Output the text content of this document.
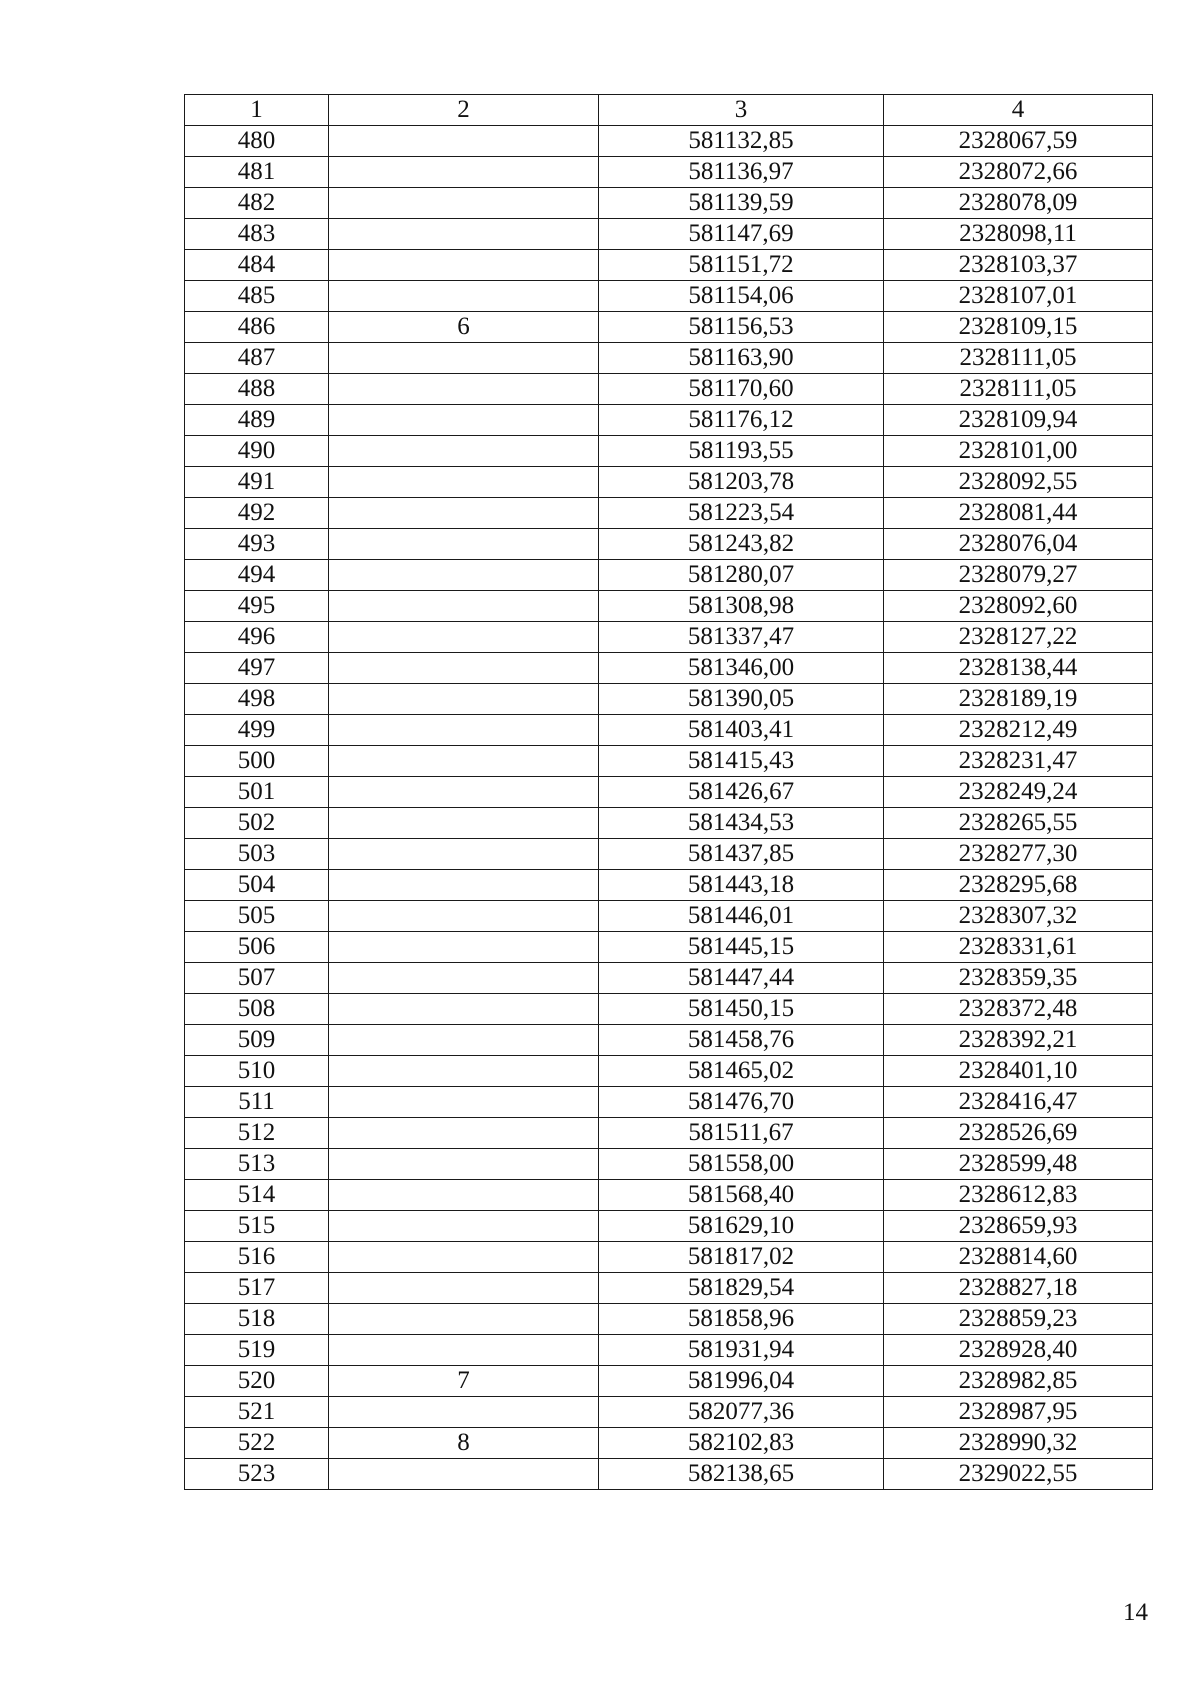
1	2	3	4
480		581132,85	2328067,59
481		581136,97	2328072,66
482		581139,59	2328078,09
483		581147,69	2328098,11
484		581151,72	2328103,37
485		581154,06	2328107,01
486	6	581156,53	2328109,15
487		581163,90	2328111,05
488		581170,60	2328111,05
489		581176,12	2328109,94
490		581193,55	2328101,00
491		581203,78	2328092,55
492		581223,54	2328081,44
493		581243,82	2328076,04
494		581280,07	2328079,27
495		581308,98	2328092,60
496		581337,47	2328127,22
497		581346,00	2328138,44
498		581390,05	2328189,19
499		581403,41	2328212,49
500		581415,43	2328231,47
501		581426,67	2328249,24
502		581434,53	2328265,55
503		581437,85	2328277,30
504		581443,18	2328295,68
505		581446,01	2328307,32
506		581445,15	2328331,61
507		581447,44	2328359,35
508		581450,15	2328372,48
509		581458,76	2328392,21
510		581465,02	2328401,10
511		581476,70	2328416,47
512		581511,67	2328526,69
513		581558,00	2328599,48
514		581568,40	2328612,83
515		581629,10	2328659,93
516		581817,02	2328814,60
517		581829,54	2328827,18
518		581858,96	2328859,23
519		581931,94	2328928,40
520	7	581996,04	2328982,85
521		582077,36	2328987,95
522	8	582102,83	2328990,32
523		582138,65	2329022,55
14
